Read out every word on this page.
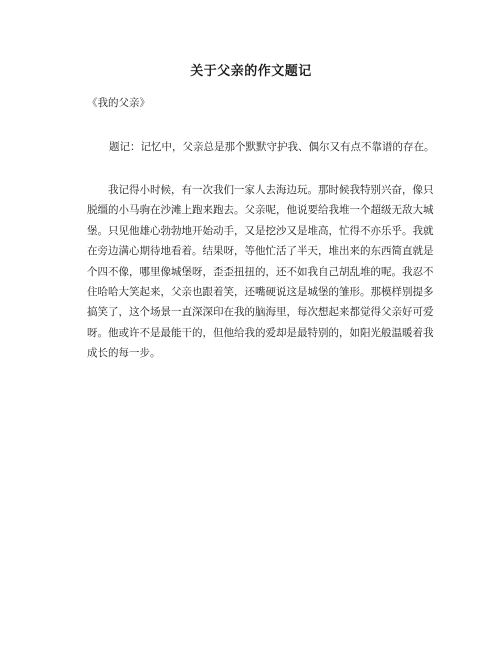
关于父亲的作文题记
《我的父亲》
题记：记忆中，父亲总是那个默默守护我、偶尔又有点不靠谱的存在。
我记得小时候，有一次我们一家人去海边玩。那时候我特别兴奋，像只
脱缰的小马驹在沙滩上跑来跑去。父亲呢，他说要给我堆一个超级无敌大城
堡。只见他雄心勃勃地开始动手，又是挖沙又是堆高，忙得不亦乐乎。我就
在旁边满心期待地看着。结果呀，等他忙活了半天，堆出来的东西简直就是
个四不像，哪里像城堡呀，歪歪扭扭的，还不如我自己胡乱堆的呢。我忍不
住哈哈大笑起来，父亲也跟着笑，还嘴硬说这是城堡的雏形。那模样别提多
搞笑了，这个场景一直深深印在我的脑海里，每次想起来都觉得父亲好可爱
呀。他或许不是最能干的，但他给我的爱却是最特别的，如阳光般温暖着我
成长的每一步。
